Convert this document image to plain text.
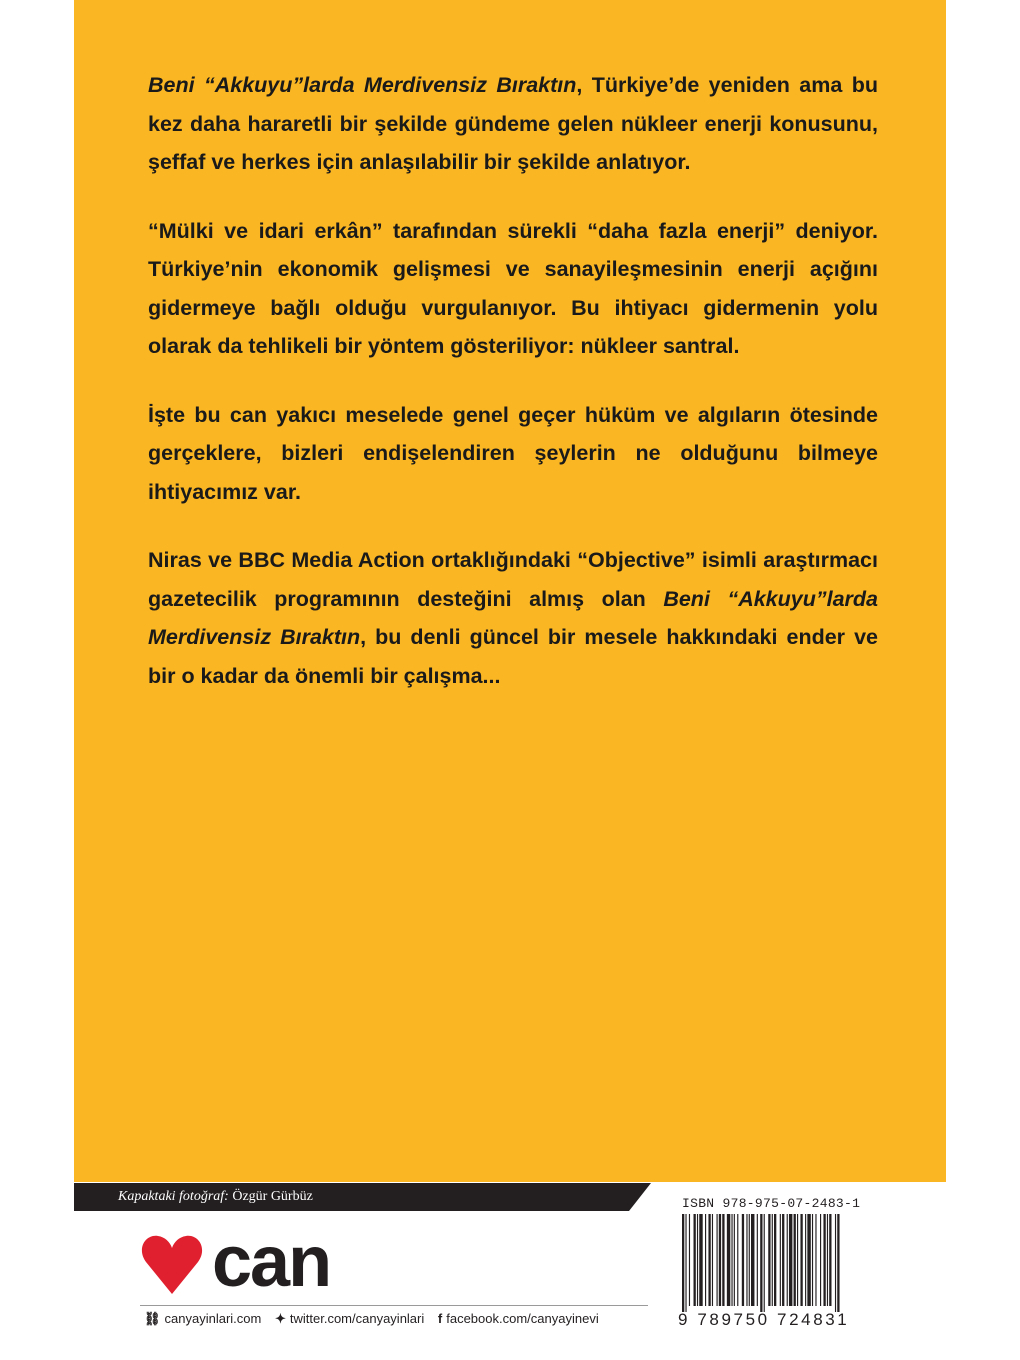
Beni “Akkuyu”larda Merdivensiz Bıraktın, Türkiye’de yeniden ama bu kez daha hararetli bir şekilde gündeme gelen nükleer enerji konusunu, şeffaf ve herkes için anlaşılabilir bir şekilde anlatıyor.

“Mülki ve idari erkân” tarafından sürekli “daha fazla enerji” deniyor. Türkiye’nin ekonomik gelişmesi ve sanayileşmesinin enerji açığını gidermeye bağlı olduğu vurgulanıyor. Bu ihtiyacı gidermenin yolu olarak da tehlikeli bir yöntem gösteriliyor: nükleer santral.

İşte bu can yakıcı meselede genel geçer hüküm ve algıların ötesinde gerçeklere, bizleri endişelendiren şeylerin ne olduğunu bilmeye ihtiyacımız var.

Niras ve BBC Media Action ortaklığındaki “Objective” isimli araştırmacı gazetecilik programının desteğini almış olan Beni “Akkuyu”larda Merdivensiz Bıraktın, bu denli güncel bir mesele hakkındaki ender ve bir o kadar da önemli bir çalışma...

Kapaktaki fotoğraf: Özgür Gürbüz
can
⛓ canyayinlari.com ✦ twitter.com/canyayinlari f facebook.com/canyayinevi
ISBN 978-975-07-2483-1
9 789750 724831
